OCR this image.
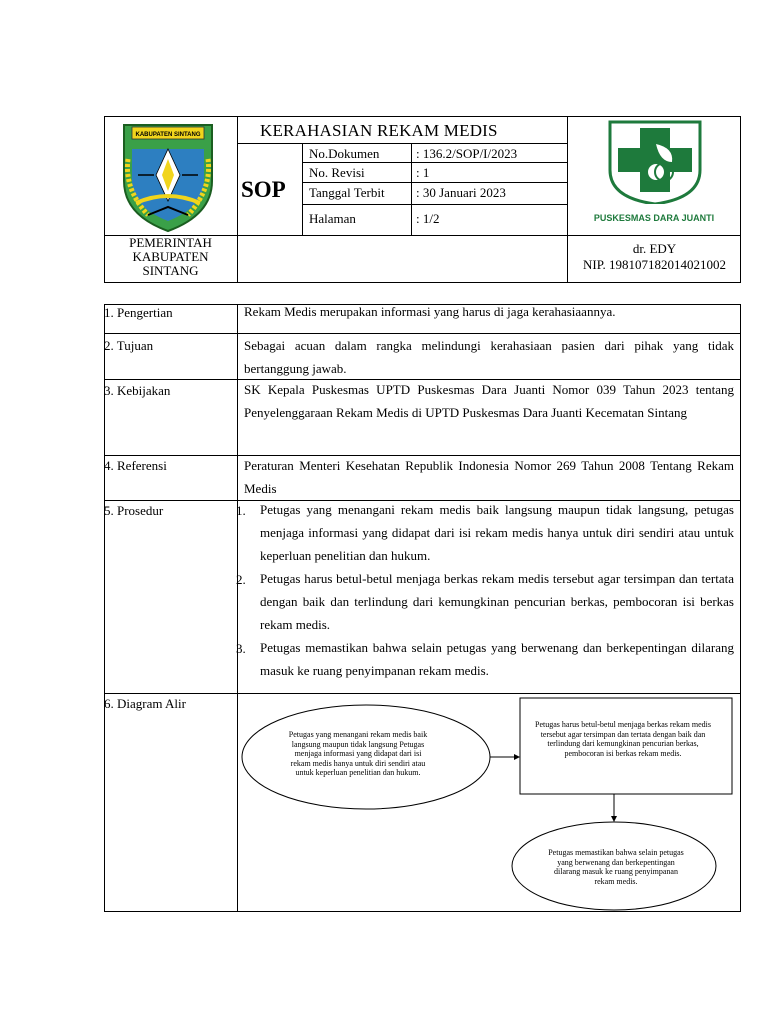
KABUPATEN SINTANG	KERAHASIAN REKAM MEDIS
SOP
No.Dokumen	: 136.2/SOP/I/2023
No. Revisi	: 1
Tanggal Terbit : 30 Januari 2023
Halaman	: 1/2	PUSKESMAS DARA JUANTI
PEMERINTAH
KABUPATEN
SINTANG
dr. EDY
NIP. 198107182014021002
1. Pengertian	Rekam Medis merupakan informasi yang harus di jaga kerahasiaannya.
2. Tujuan	Sebagai acuan dalam rangka melindungi kerahasiaan pasien dari pihak yang tidak bertanggung jawab.
3. Kebijakan	SK Kepala Puskesmas UPTD Puskesmas Dara Juanti Nomor 039 Tahun 2023 tentang Penyelenggaraan Rekam Medis di UPTD Puskesmas Dara Juanti Kecematan Sintang
4. Referensi	Peraturan Menteri Kesehatan Republik Indonesia Nomor 269 Tahun 2008 Tentang Rekam Medis
5. Prosedur	1. Petugas yang menangani rekam medis baik langsung maupun tidak langsung, petugas menjaga informasi yang didapat dari isi rekam medis hanya untuk diri sendiri atau untuk keperluan penelitian dan hukum.
2. Petugas harus betul-betul menjaga berkas rekam medis tersebut agar tersimpan dan tertata dengan baik dan terlindung dari kemungkinan pencurian berkas, pembocoran isi berkas rekam medis.
3. Petugas memastikan bahwa selain petugas yang berwenang dan berkepentingan dilarang masuk ke ruang penyimpanan rekam medis.
6. Diagram Alir
Petugas yang menangani rekam medis baik langsung maupun tidak langsung Petugas menjaga informasi yang didapat dari isi rekam medis hanya untuk diri sendiri atau untuk keperluan penelitian dan hukum.
Petugas harus betul-betul menjaga berkas rekam medis tersebut agar tersimpan dan tertata dengan baik dan terlindung dari kemungkinan pencurian berkas, pembocoran isi berkas rekam medis.
Petugas memastikan bahwa selain petugas yang berwenang dan berkepentingan dilarang masuk ke ruang penyimpanan rekam medis.
